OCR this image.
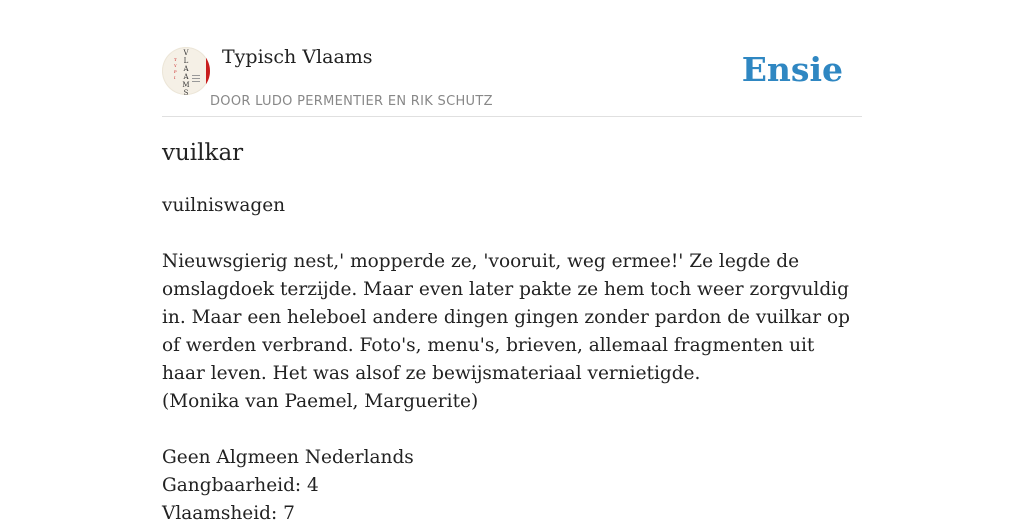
T
Y
P
I
V
L
A
A
M
S
Typisch Vlaams
DOOR LUDO PERMENTIER EN RIK SCHUTZ
Ensie
vuilkar

vuilniswagen

Nieuwsgierig nest,' mopperde ze, 'vooruit, weg ermee!' Ze legde de omslagdoek terzijde. Maar even later pakte ze hem toch weer zorgvuldig in. Maar een heleboel andere dingen gingen zonder pardon de vuilkar op of werden verbrand. Foto's, menu's, brieven, allemaal fragmenten uit haar leven. Het was alsof ze bewijsmateriaal vernietigde.

(Monika van Paemel, Marguerite)

Geen Algmeen Nederlands

Gangbaarheid: 4

Vlaamsheid: 7
